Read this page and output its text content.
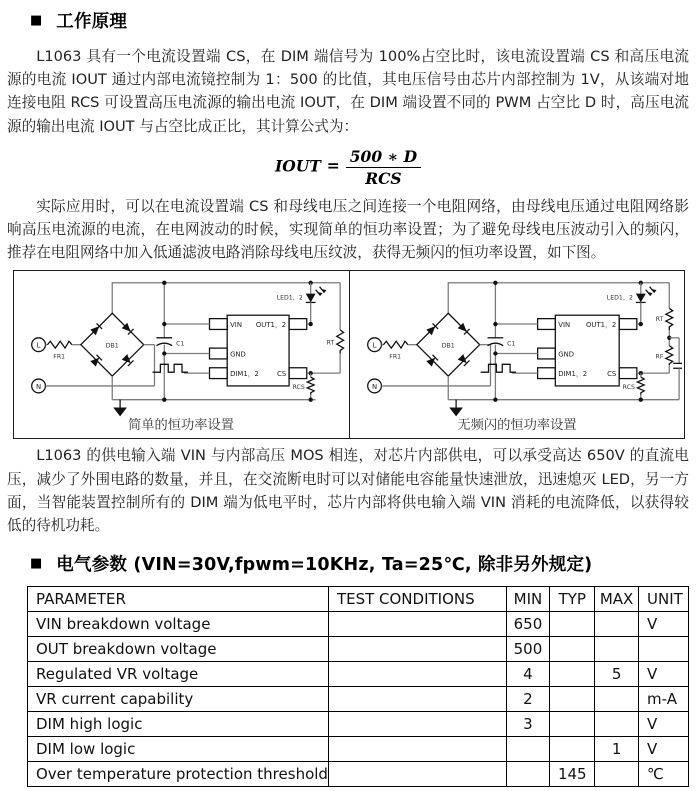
■ 工作原理

L1063 具有一个电流设置端 CS，在 DIM 端信号为 100%占空比时，该电流设置端 CS 和高压电流源的电流 IOUT 通过内部电流镜控制为 1：500 的比值，其电压信号由芯片内部控制为 1V，从该端对地连接电阻 RCS 可设置高压电流源的输出电流 IOUT，在 DIM 端设置不同的 PWM 占空比 D 时，高压电流源的输出电流 IOUT 与占空比成正比，其计算公式为：

IOUT = $\frac{500 ∗ D}{\text{RCS}}$

实际应用时，可以在电流设置端 CS 和母线电压之间连接一个电阻网络，由母线电压通过电阻网络影响高压电流源的电流，在电网波动的时候，实现简单的恒功率设置；为了避免母线电压波动引入的频闪，推荐在电阻网络中加入低通滤波电路消除母线电压纹波，获得无频闪的恒功率设置，如下图。

L
FR1
DB1
N
C1
VIN
GND
DIM1，2
OUT1，2
CS
LED1，2
RT
RCS
简单的恒功率设置
L
FR1
DB1
N
C1
VIN
GND
DIM1，2
OUT1，2
CS
LED1，2
RT
RF
RCS
无频闪的恒功率设置

L1063 的供电输入端 VIN 与内部高压 MOS 相连，对芯片内部供电，可以承受高达 650V 的直流电压，减少了外围电路的数量，并且，在交流断电时可以对储能电容能量快速泄放，迅速熄灭 LED，另一方面，当智能装置控制所有的 DIM 端为低电平时，芯片内部将供电输入端 VIN 消耗的电流降低，以获得较低的待机功耗。

■ 电气参数 (VIN=30V,fpwm=10KHz, Ta=25℃, 除非另外规定)
PARAMETER	TEST CONDITIONS	MIN	TYP	MAX	UNIT
VIN breakdown voltage		650			V
OUT breakdown voltage		500			
Regulated VR voltage		4		5	V
VR current capability		2			m-A
DIM high logic		3			V
DIM low logic				1	V
Over temperature protection threshold			145		℃
